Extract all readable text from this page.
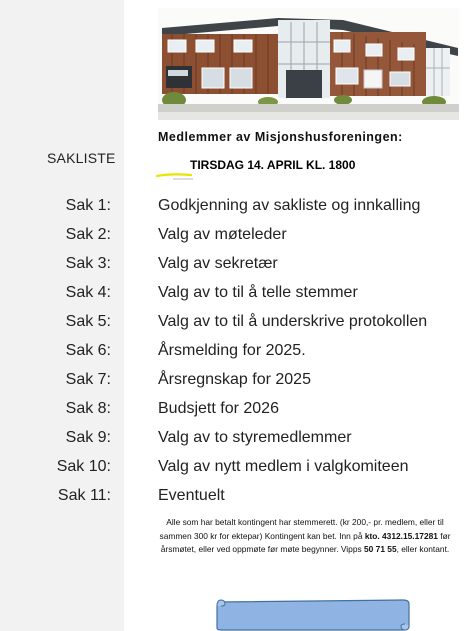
SAKLISTE
Medlemmer av Misjonshusforeningen:
TIRSDAG 14. APRIL KL. 1800
Sak 1:	Godkjenning av sakliste og innkalling
Sak 2:	Valg av møteleder
Sak 3:	Valg av sekretær
Sak 4:	Valg av to til å telle stemmer
Sak 5:	Valg av to til å underskrive protokollen
Sak 6:	Årsmelding for 2025.
Sak 7:	Årsregnskap for 2025
Sak 8:	Budsjett for 2026
Sak 9:	Valg av to styremedlemmer
Sak 10:	Valg av nytt medlem i valgkomiteen
Sak 11:	Eventuelt
Alle som har betalt kontingent har stemmerett. (kr 200,- pr. medlem, eller til sammen 300 kr for ektepar) Kontingent kan bet. Inn på kto. 4312.15.17281 før årsmøtet, eller ved oppmøte før møte begynner. Vipps 50 71 55, eller kontant.
